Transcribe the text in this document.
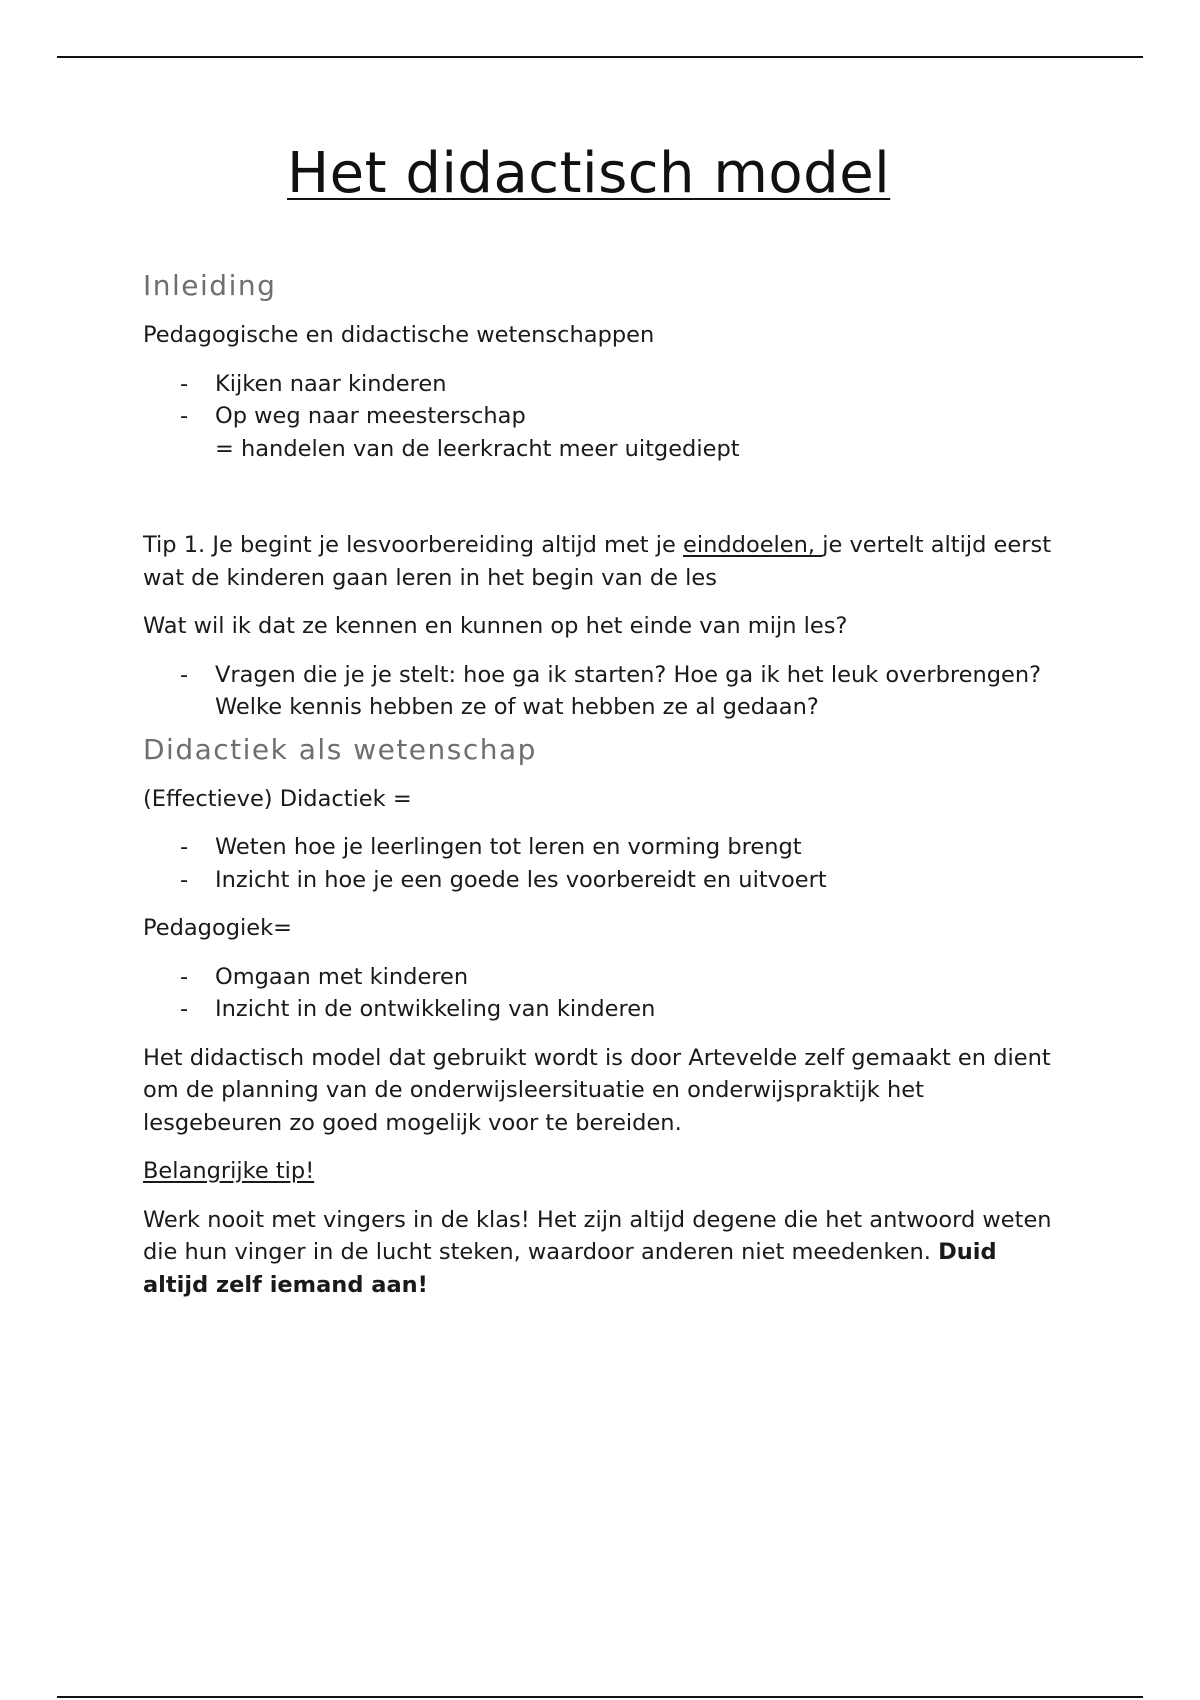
Het didactisch model
Inleiding

Pedagogische en didactische wetenschappen

- Kijken naar kinderen
- Op weg naar meesterschap
= handelen van de leerkracht meer uitgediept

Tip 1. Je begint je lesvoorbereiding altijd met je einddoelen, je vertelt altijd eerst wat de kinderen gaan leren in het begin van de les

Wat wil ik dat ze kennen en kunnen op het einde van mijn les?

- Vragen die je je stelt: hoe ga ik starten? Hoe ga ik het leuk overbrengen? Welke kennis hebben ze of wat hebben ze al gedaan?
Didactiek als wetenschap

(Effectieve) Didactiek =

- Weten hoe je leerlingen tot leren en vorming brengt
- Inzicht in hoe je een goede les voorbereidt en uitvoert

Pedagogiek=

- Omgaan met kinderen
- Inzicht in de ontwikkeling van kinderen

Het didactisch model dat gebruikt wordt is door Artevelde zelf gemaakt en dient om de planning van de onderwijsleersituatie en onderwijspraktijk het lesgebeuren zo goed mogelijk voor te bereiden.

Belangrijke tip!

Werk nooit met vingers in de klas! Het zijn altijd degene die het antwoord weten die hun vinger in de lucht steken, waardoor anderen niet meedenken. Duid altijd zelf iemand aan!
